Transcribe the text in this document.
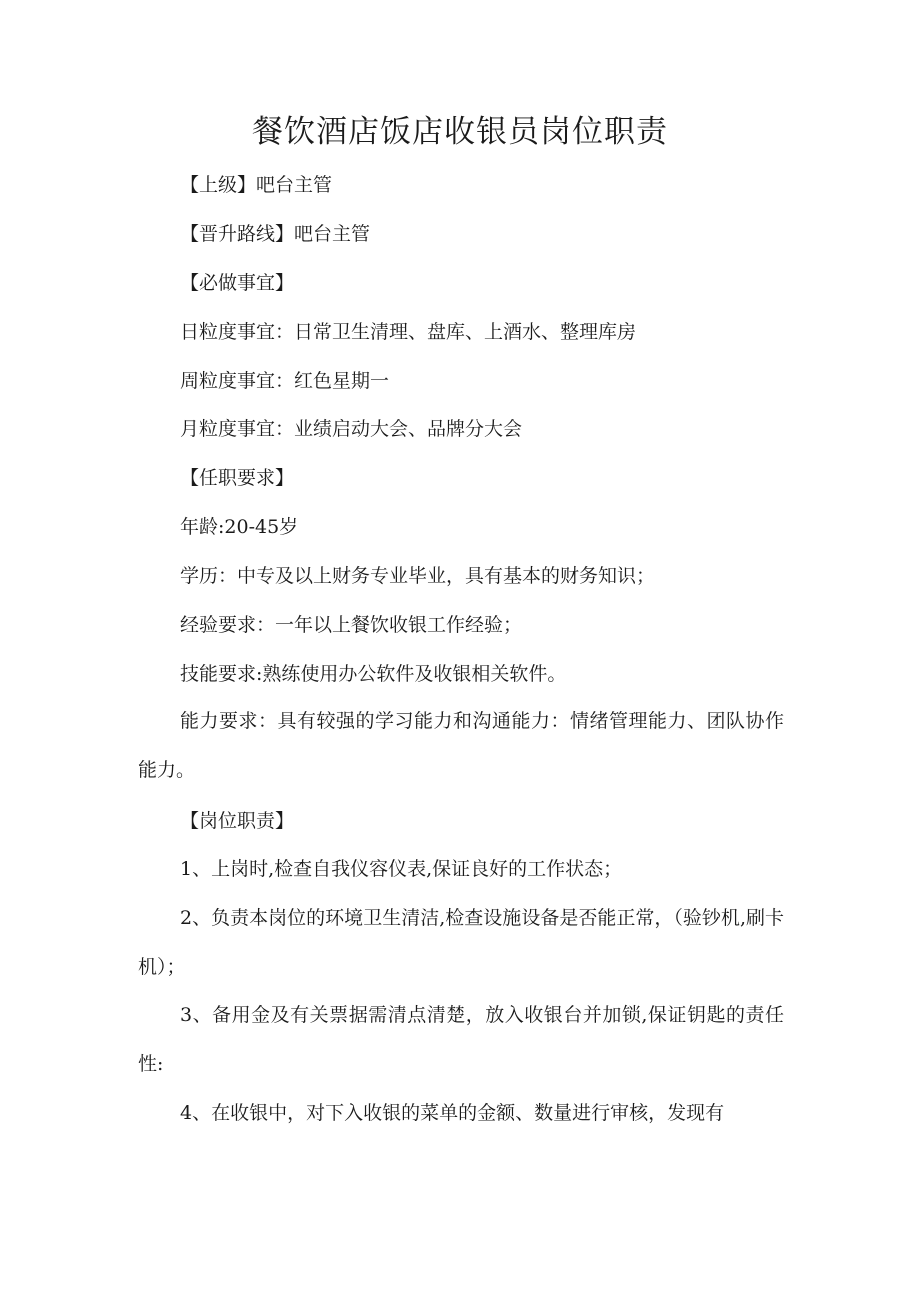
餐饮酒店饭店收银员岗位职责
【上级】吧台主管
【晋升路线】吧台主管
【必做事宜】
日粒度事宜：日常卫生清理、盘库、上酒水、整理库房
周粒度事宜：红色星期一
月粒度事宜：业绩启动大会、品牌分大会
【任职要求】
年龄:20-45岁
学历：中专及以上财务专业毕业，具有基本的财务知识；
经验要求：一年以上餐饮收银工作经验；
技能要求:熟练使用办公软件及收银相关软件。
能力要求：具有较强的学习能力和沟通能力：情绪管理能力、团队协作能力。
【岗位职责】
1、上岗时,检查自我仪容仪表,保证良好的工作状态；
2、负责本岗位的环境卫生清洁,检查设施设备是否能正常，（验钞机,刷卡机）；
3、备用金及有关票据需清点清楚，放入收银台并加锁,保证钥匙的责任性:
4、在收银中，对下入收银的菜单的金额、数量进行审核，发现有
